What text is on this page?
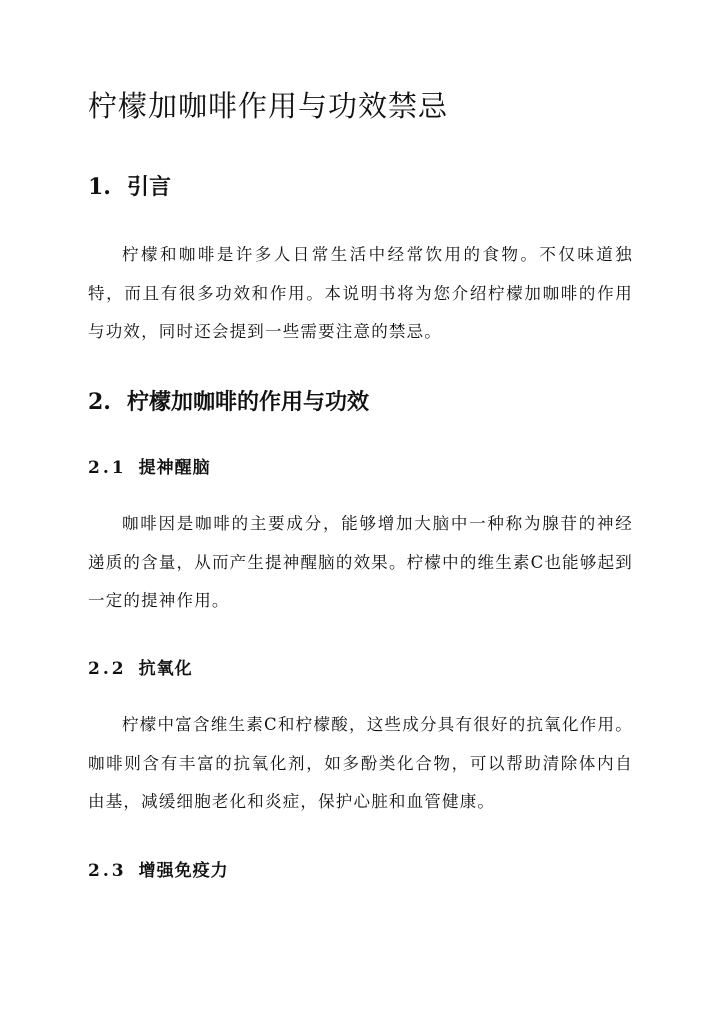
柠檬加咖啡作用与功效禁忌
1. 引言

柠檬和咖啡是许多人日常生活中经常饮用的食物。不仅味道独特，而且有很多功效和作用。本说明书将为您介绍柠檬加咖啡的作用与功效，同时还会提到一些需要注意的禁忌。

2. 柠檬加咖啡的作用与功效
2.1 提神醒脑

咖啡因是咖啡的主要成分，能够增加大脑中一种称为腺苷的神经递质的含量，从而产生提神醒脑的效果。柠檬中的维生素C也能够起到一定的提神作用。

2.2 抗氧化

柠檬中富含维生素C和柠檬酸，这些成分具有很好的抗氧化作用。咖啡则含有丰富的抗氧化剂，如多酚类化合物，可以帮助清除体内自由基，减缓细胞老化和炎症，保护心脏和血管健康。

2.3 增强免疫力
